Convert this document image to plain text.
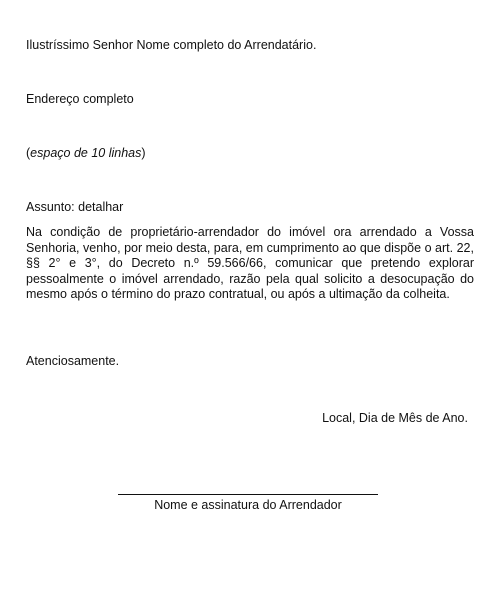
Ilustríssimo Senhor Nome completo do Arrendatário.
Endereço completo
(espaço de 10 linhas)
Assunto: detalhar
Na condição de proprietário-arrendador do imóvel ora arrendado a Vossa Senhoria, venho, por meio desta, para, em cumprimento ao que dispõe o art. 22, §§ 2° e 3°, do Decreto n.º 59.566/66, comunicar que pretendo explorar pessoalmente o imóvel arrendado, razão pela qual solicito a desocupação do mesmo após o término do prazo contratual, ou após a ultimação da colheita.
Atenciosamente.
Local, Dia de Mês de Ano.
Nome e assinatura do Arrendador
